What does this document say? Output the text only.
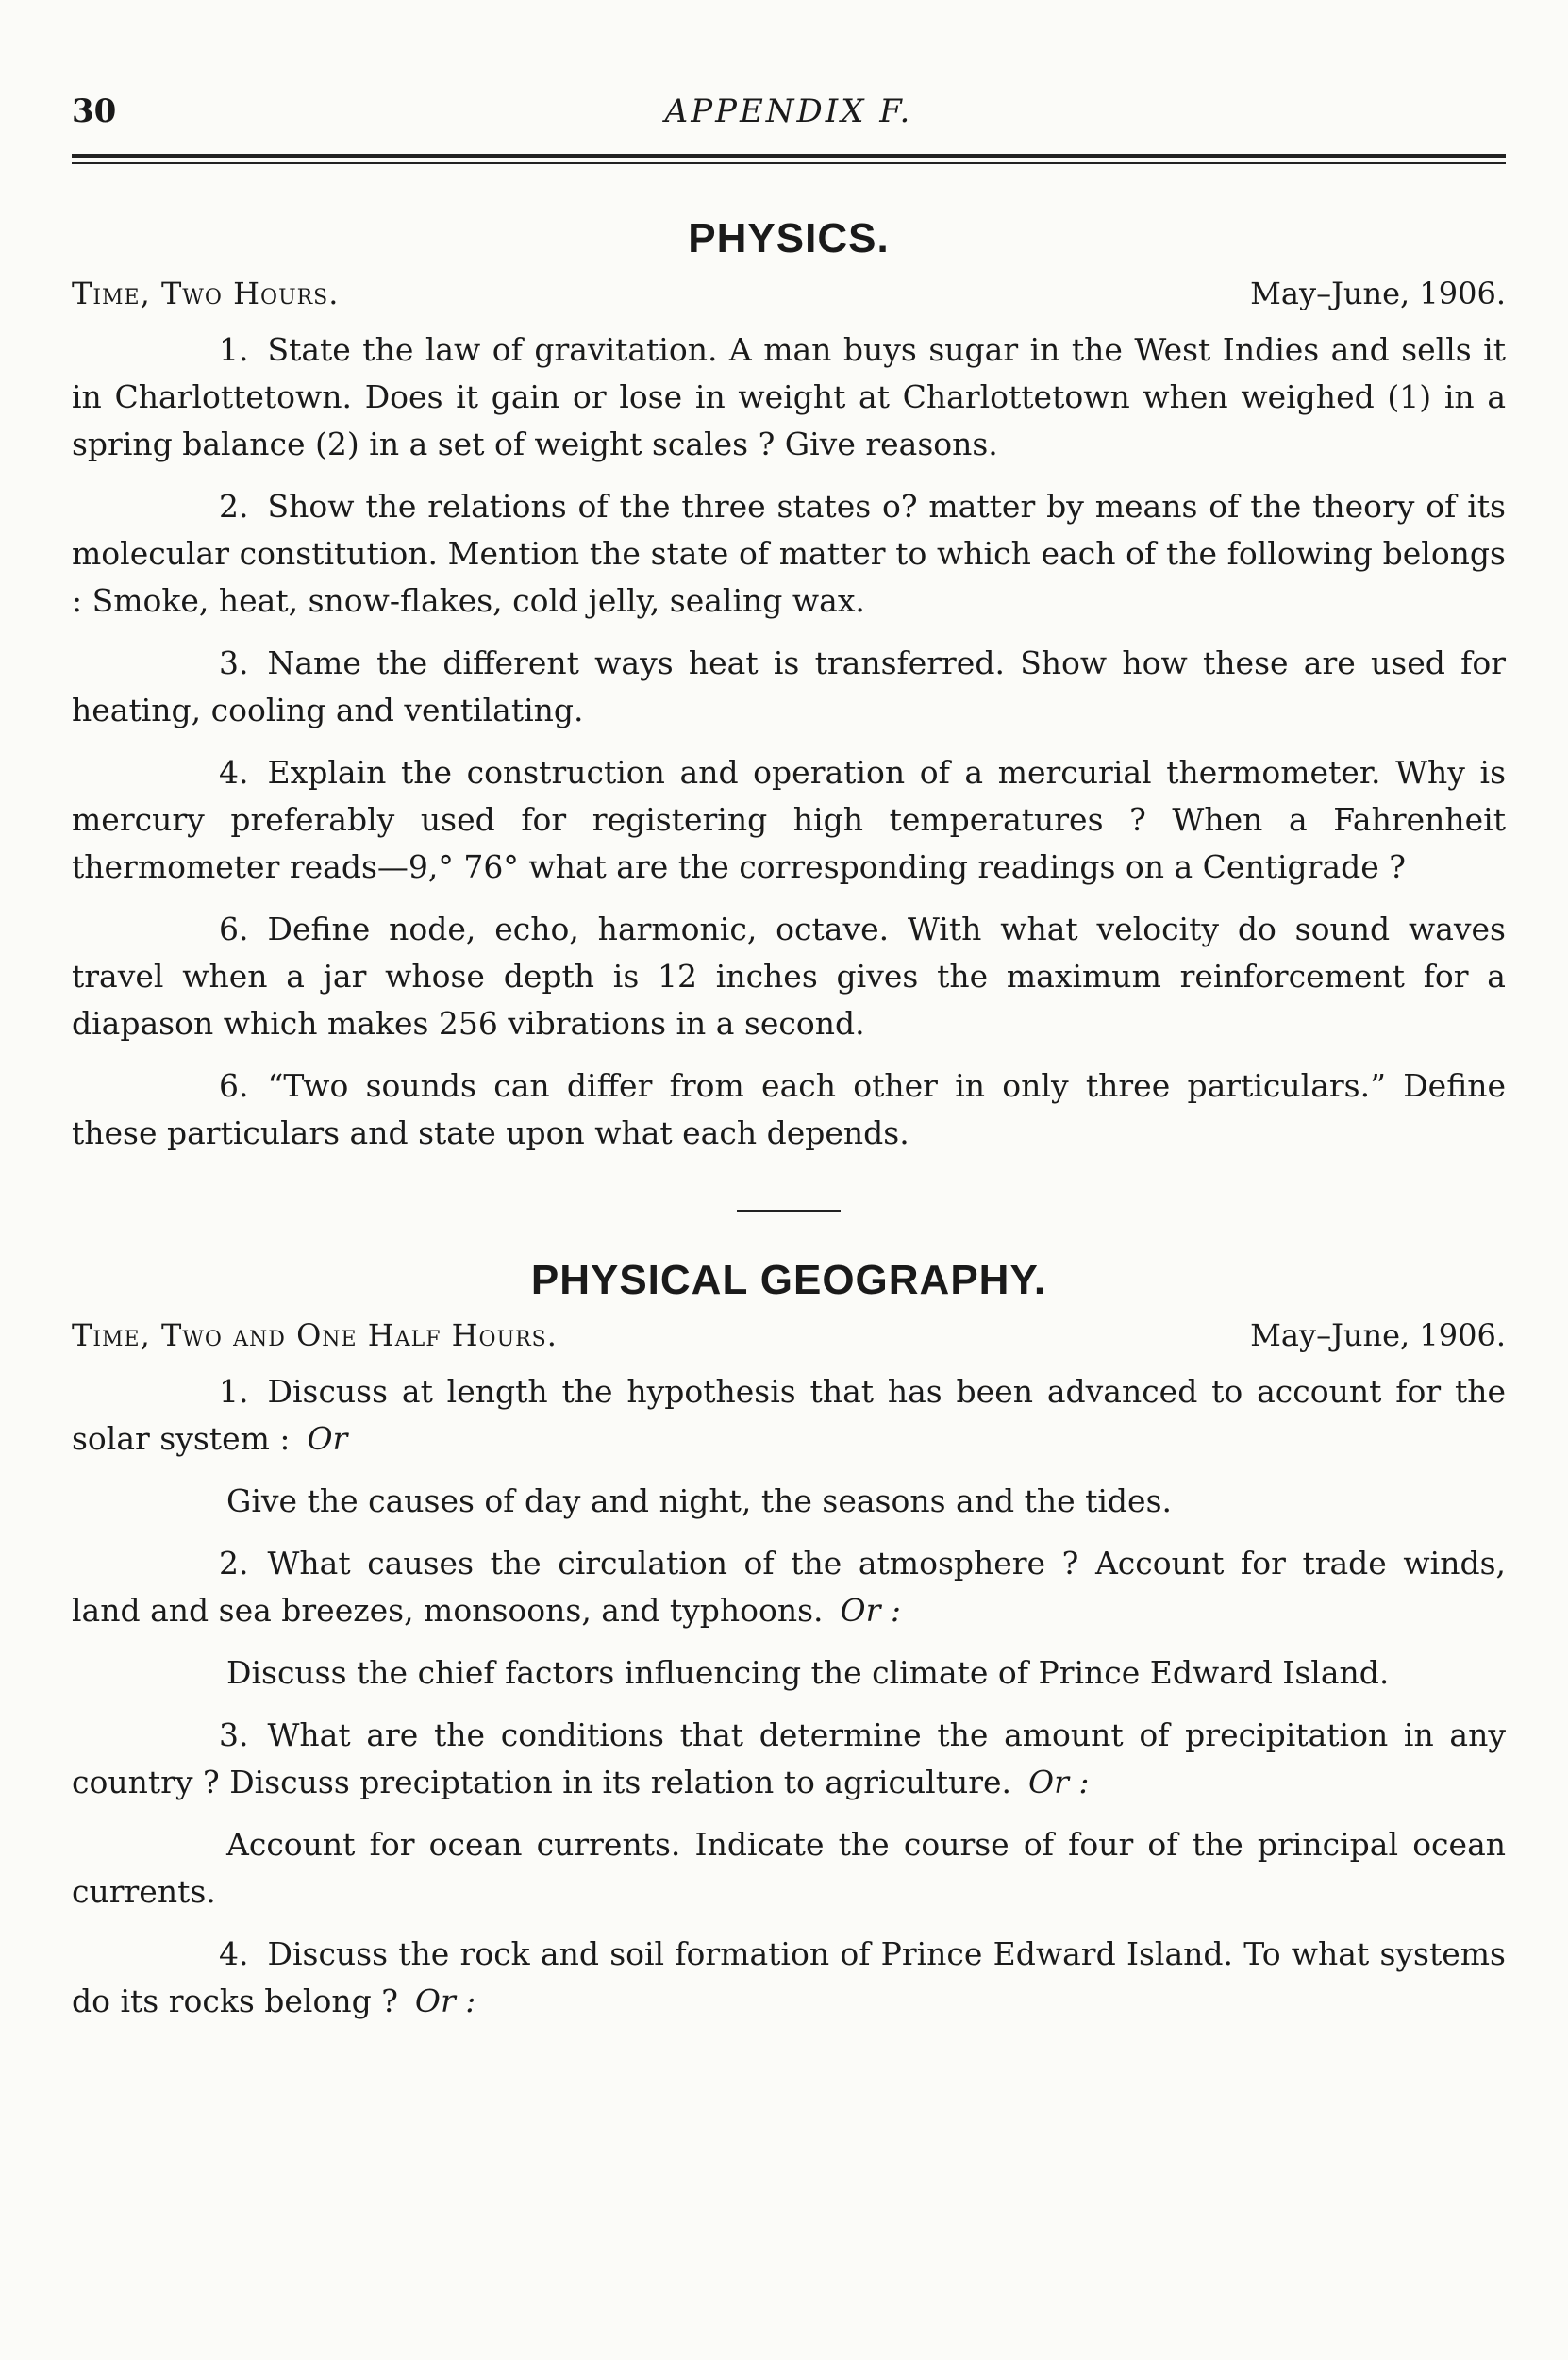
30	APPENDIX F.
PHYSICS.
Time, Two Hours.	May–June, 1906.

1. State the law of gravitation. A man buys sugar in the West Indies and sells it in Charlottetown. Does it gain or lose in weight at Charlottetown when weighed (1) in a spring balance (2) in a set of weight scales ? Give reasons.

2. Show the relations of the three states o? matter by means of the theory of its molecular constitution. Mention the state of matter to which each of the following belongs : Smoke, heat, snow-flakes, cold jelly, sealing wax.

3. Name the different ways heat is transferred. Show how these are used for heating, cooling and ventilating.

4. Explain the construction and operation of a mercurial thermometer. Why is mercury preferably used for registering high temperatures ? When a Fahrenheit thermometer reads—9,° 76° what are the corresponding readings on a Centigrade ?

6. Define node, echo, harmonic, octave. With what velocity do sound waves travel when a jar whose depth is 12 inches gives the maximum reinforcement for a diapason which makes 256 vibrations in a second.

6. “Two sounds can differ from each other in only three particulars.” Define these particulars and state upon what each depends.

PHYSICAL GEOGRAPHY.
Time, Two and One Half Hours.	May–June, 1906.

1. Discuss at length the hypothesis that has been advanced to account for the solar system : Or

Give the causes of day and night, the seasons and the tides.

2. What causes the circulation of the atmosphere ? Account for trade winds, land and sea breezes, monsoons, and typhoons. Or :

Discuss the chief factors influencing the climate of Prince Edward Island.

3. What are the conditions that determine the amount of precipitation in any country ? Discuss preciptation in its relation to agriculture. Or :

Account for ocean currents. Indicate the course of four of the principal ocean currents.

4. Discuss the rock and soil formation of Prince Edward Island. To what systems do its rocks belong ? Or :
